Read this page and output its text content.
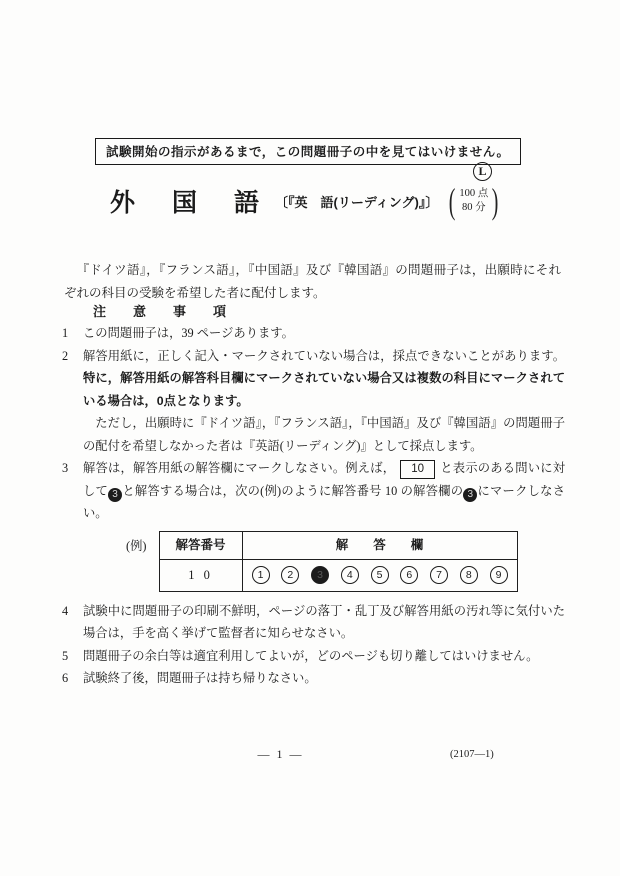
試験開始の指示があるまで，この問題冊子の中を見てはいけません。
L
外　国　語 〔『英　語(リーディング)』〕 ( 100 点
80 分 )

『ドイツ語』，『フランス語』，『中国語』及び『韓国語』の問題冊子は，出願時にそれぞれの科目の受験を希望した者に配付します。

注　意　事　項
1	この問題冊子は，39 ページあります。
2	解答用紙に，正しく記入・マークされていない場合は，採点できないことがあります。特に，解答用紙の解答科目欄にマークされていない場合又は複数の科目にマークされている場合は，0点となります。
ただし，出願時に『ドイツ語』，『フランス語』，『中国語』及び『韓国語』の問題冊子の配付を希望しなかった者は『英語(リーディング)』として採点します。
3	解答は，解答用紙の解答欄にマークしなさい。例えば， 10 と表示のある問いに対して 3 と解答する場合は，次の(例)のように解答番号 10 の解答欄の 3 にマークしなさい。
(例) 解答番号	解　　答　　欄
1 0	1	2	3	4	5	6	7	8	9
4	試験中に問題冊子の印刷不鮮明，ページの落丁・乱丁及び解答用紙の汚れ等に気付いた場合は，手を高く挙げて監督者に知らせなさい。
5	問題冊子の余白等は適宜利用してよいが，どのページも切り離してはいけません。
6	試験終了後，問題冊子は持ち帰りなさい。
— 1 —	(2107—1)
